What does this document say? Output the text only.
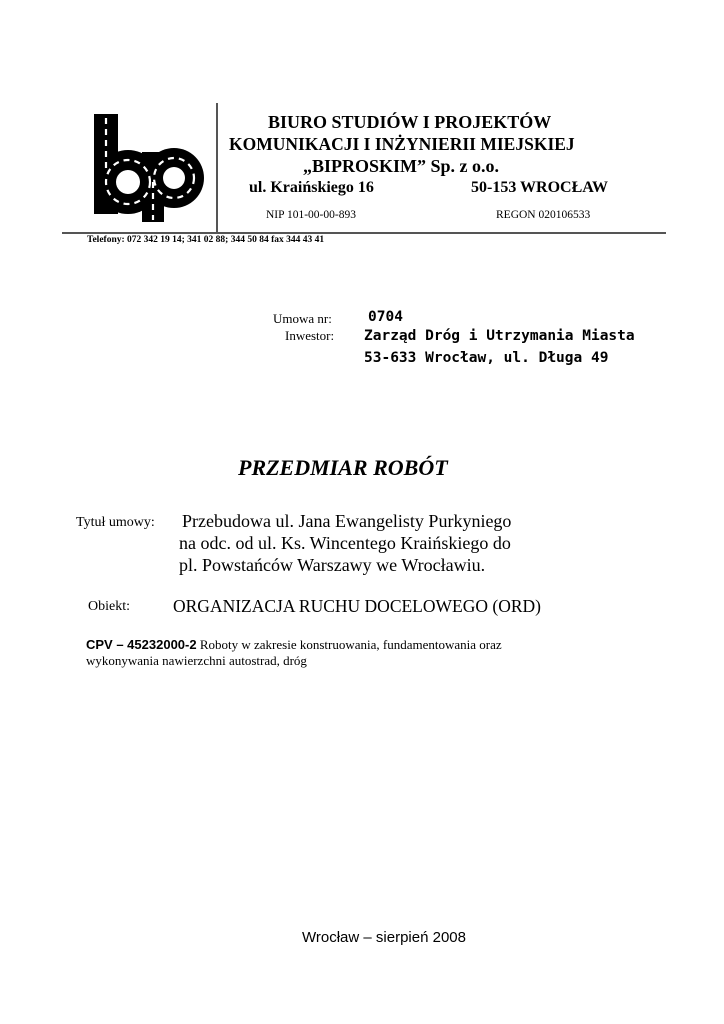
BIURO STUDIÓW I PROJEKTÓW
KOMUNIKACJI I INŻYNIERII MIEJSKIEJ
„BIPROSKIM” Sp. z o.o.
ul. Kraińskiego 16	50-153 WROCŁAW
NIP 101-00-00-893	REGON 020106533
Telefony: 072 342 19 14; 341 02 88; 344 50 84 fax 344 43 41
Umowa nr: 0704
Inwestor: Zarząd Dróg i Utrzymania Miasta
53-633 Wrocław, ul. Długa 49
PRZEDMIAR ROBÓT
Tytuł umowy: Przebudowa ul. Jana Ewangelisty Purkyniego
na odc. od ul. Ks. Wincentego Kraińskiego do
pl. Powstańców Warszawy we Wrocławiu.
Obiekt: ORGANIZACJA RUCHU DOCELOWEGO (ORD)
CPV – 45232000-2 Roboty w zakresie konstruowania, fundamentowania oraz
wykonywania nawierzchni autostrad, dróg
Wrocław – sierpień 2008
